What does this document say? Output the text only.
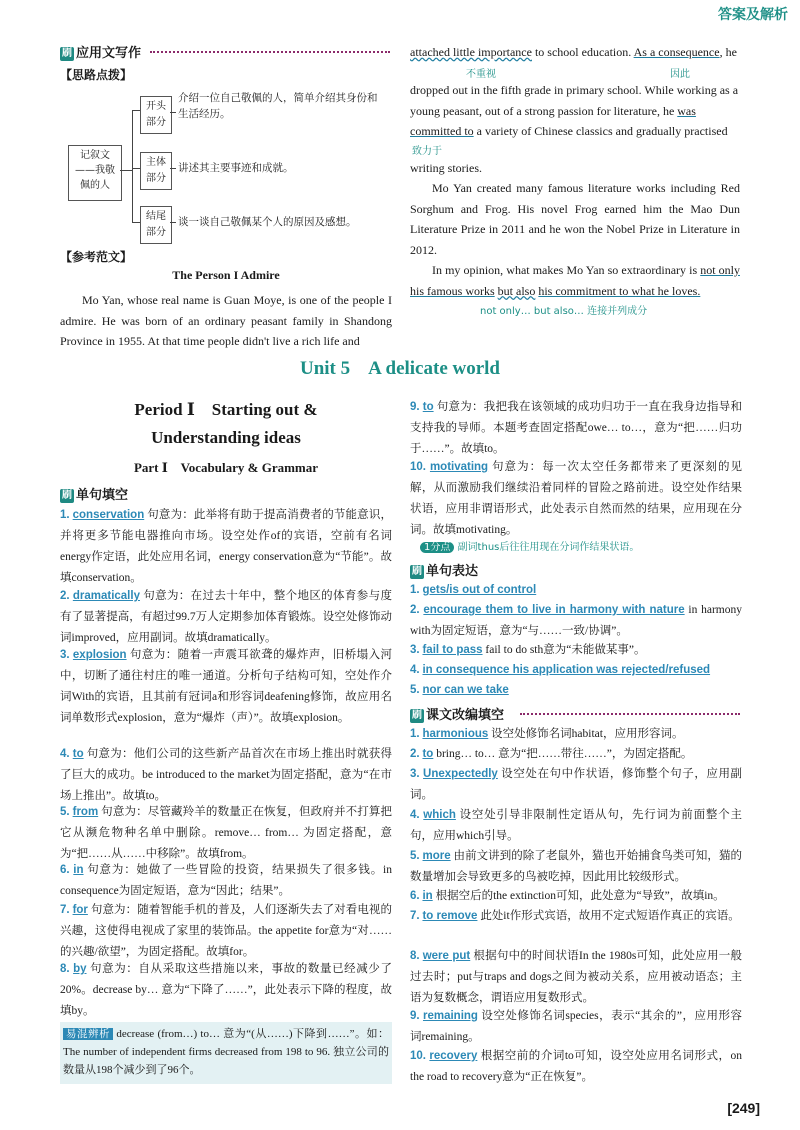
答案及解析
刷 应用文写作
【思路点拨】
记叙文——我敬佩的人
开头部分
主体部分
结尾部分
介绍一位自己敬佩的人，简单介绍其身份和生活经历。
讲述其主要事迹和成就。
谈一谈自己敬佩某个人的原因及感想。
【参考范文】
The Person I Admire
Mo Yan, whose real name is Guan Moye, is one of the people I admire. He was born of an ordinary peasant family in Shandong Province in 1955. At that time people didn't live a rich life and
attached little importance to school education. As a consequence, he
不重视	因此
dropped out in the fifth grade in primary school. While working as a
young peasant, out of a strong passion for literature, he was
committed to a variety of Chinese classics and gradually practised
致力于
writing stories.
Mo Yan created many famous literature works including Red Sorghum and Frog. His novel Frog earned him the Mao Dun Literature Prize in 2011 and he won the Nobel Prize in Literature in 2012.
In my opinion, what makes Mo Yan so extraordinary is not only his famous works but also his commitment to what he loves.
not only… but also… 连接并列成分
Unit 5    A delicate world
Period Ⅰ    Starting out &
Understanding ideas
Part Ⅰ    Vocabulary & Grammar
刷 单句填空
1. conservation 句意为：此举将有助于提高消费者的节能意识，并将更多节能电器推向市场。设空处作of的宾语，空前有名词energy作定语，此处应用名词，energy conservation意为“节能”。故填conservation。
2. dramatically 句意为：在过去十年中，整个地区的体育参与度有了显著提高，有超过99.7万人定期参加体育锻炼。设空处修饰动词improved，应用副词。故填dramatically。
3. explosion 句意为：随着一声震耳欲聋的爆炸声，旧桥塌入河中，切断了通往村庄的唯一通道。分析句子结构可知，空处作介词With的宾语，且其前有冠词a和形容词deafening修饰，故应用名词单数形式explosion，意为“爆炸（声）”。故填explosion。
4. to 句意为：他们公司的这些新产品首次在市场上推出时就获得了巨大的成功。be introduced to the market为固定搭配，意为“在市场上推出”。故填to。
5. from 句意为：尽管藏羚羊的数量正在恢复，但政府并不打算把它从濒危物种名单中删除。remove… from… 为固定搭配，意为“把……从……中移除”。故填from。
6. in 句意为：她做了一些冒险的投资，结果损失了很多钱。in consequence为固定短语，意为“因此；结果”。
7. for 句意为：随着智能手机的普及，人们逐渐失去了对看电视的兴趣，这使得电视成了家里的装饰品。the appetite for意为“对……的兴趣/欲望”，为固定搭配。故填for。
8. by 句意为：自从采取这些措施以来，事故的数量已经减少了20%。decrease by… 意为“下降了……”，此处表示下降的程度，故填by。
易混辨析 decrease (from…) to… 意为“(从……)下降到……”。如：The number of independent firms decreased from 198 to 96. 独立公司的数量从198个减少到了96个。
9. to 句意为：我把我在该领域的成功归功于一直在我身边指导和支持我的导师。本题考查固定搭配owe… to…，意为“把……归功于……”。故填to。
10. motivating 句意为：每一次太空任务都带来了更深刻的见解，从而激励我们继续沿着同样的冒险之路前进。设空处作结果状语，应用非谓语形式，此处表示自然而然的结果，应用现在分词。故填motivating。
1分点 副词thus后往往用现在分词作结果状语。
刷 单句表达
1. gets/is out of control
2. encourage them to live in harmony with nature in harmony with为固定短语，意为“与……一致/协调”。
3. fail to pass fail to do sth意为“未能做某事”。
4. in consequence his application was rejected/refused
5. nor can we take
刷 课文改编填空
1. harmonious 设空处修饰名词habitat，应用形容词。
2. to bring… to… 意为“把……带往……”，为固定搭配。
3. Unexpectedly 设空处在句中作状语，修饰整个句子，应用副词。
4. which 设空处引导非限制性定语从句，先行词为前面整个主句，应用which引导。
5. more 由前文讲到的除了老鼠外，猫也开始捕食鸟类可知，猫的数量增加会导致更多的鸟被吃掉，因此用比较级形式。
6. in 根据空后的the extinction可知，此处意为“导致”，故填in。
7. to remove 此处it作形式宾语，故用不定式短语作真正的宾语。
8. were put 根据句中的时间状语In the 1980s可知，此处应用一般过去时；put与traps and dogs之间为被动关系，应用被动语态；主语为复数概念，谓语应用复数形式。
9. remaining 设空处修饰名词species，表示“其余的”，应用形容词remaining。
10. recovery 根据空前的介词to可知，设空处应用名词形式，on the road to recovery意为“正在恢复”。
[249]
